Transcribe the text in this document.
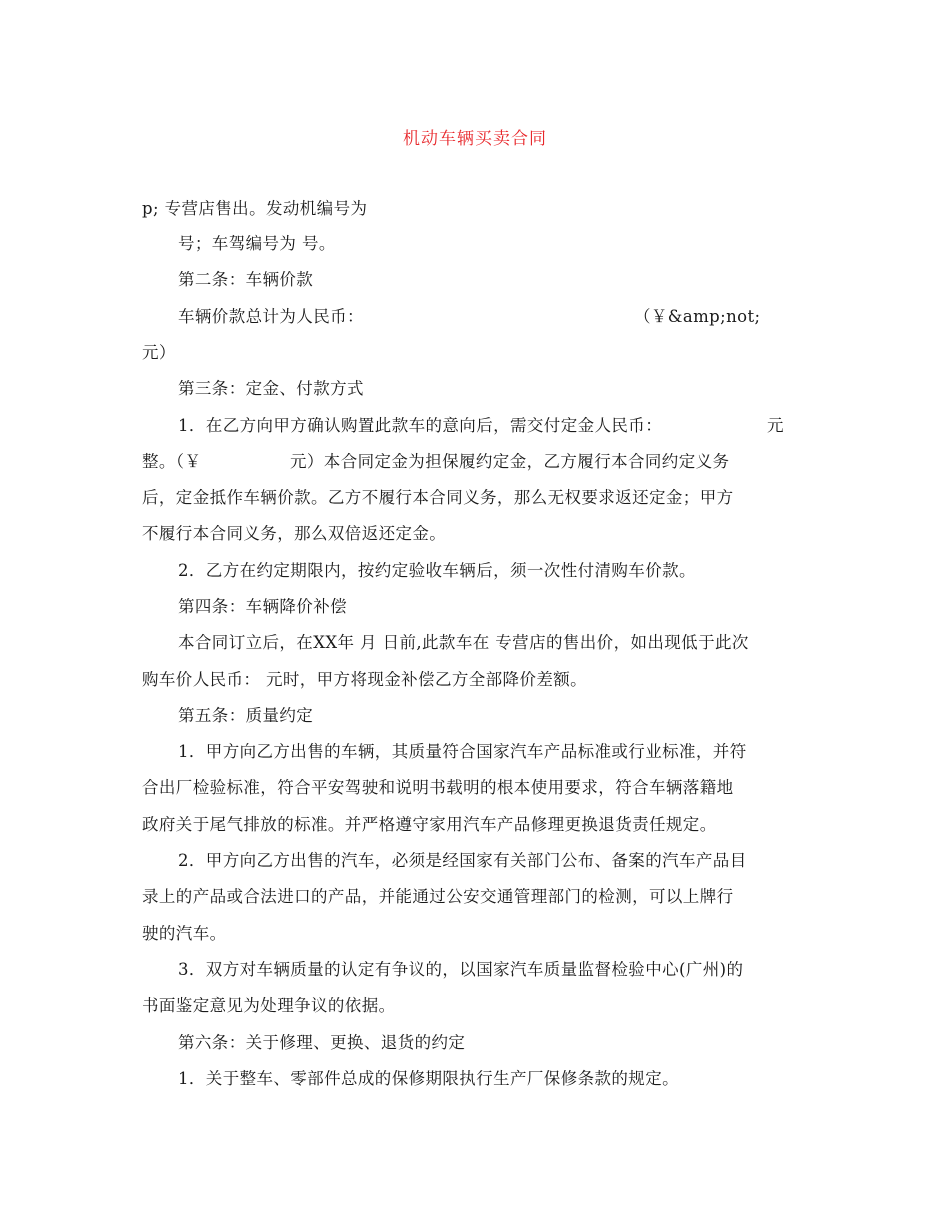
机动车辆买卖合同
p; 专营店售出。发动机编号为
号；车驾编号为 号。
第二条：车辆价款
车辆价款总计为人民币：	（￥&amp;not;
元）
第三条：定金、付款方式
1．在乙方向甲方确认购置此款车的意向后，需交付定金人民币：	元
整。（￥	元）本合同定金为担保履约定金，乙方履行本合同约定义务
后，定金抵作车辆价款。乙方不履行本合同义务，那么无权要求返还定金；甲方
不履行本合同义务，那么双倍返还定金。
2．乙方在约定期限内，按约定验收车辆后，须一次性付清购车价款。
第四条：车辆降价补偿
本合同订立后，在XX年 月 日前,此款车在 专营店的售出价，如出现低于此次
购车价人民币： 元时，甲方将现金补偿乙方全部降价差额。
第五条：质量约定
1．甲方向乙方出售的车辆，其质量符合国家汽车产品标准或行业标准，并符
合出厂检验标准，符合平安驾驶和说明书载明的根本使用要求，符合车辆落籍地
政府关于尾气排放的标准。并严格遵守家用汽车产品修理更换退货责任规定。
2．甲方向乙方出售的汽车，必须是经国家有关部门公布、备案的汽车产品目
录上的产品或合法进口的产品，并能通过公安交通管理部门的检测，可以上牌行
驶的汽车。
3．双方对车辆质量的认定有争议的，以国家汽车质量监督检验中心(广州)的
书面鉴定意见为处理争议的依据。
第六条：关于修理、更换、退货的约定
1．关于整车、零部件总成的保修期限执行生产厂保修条款的规定。
